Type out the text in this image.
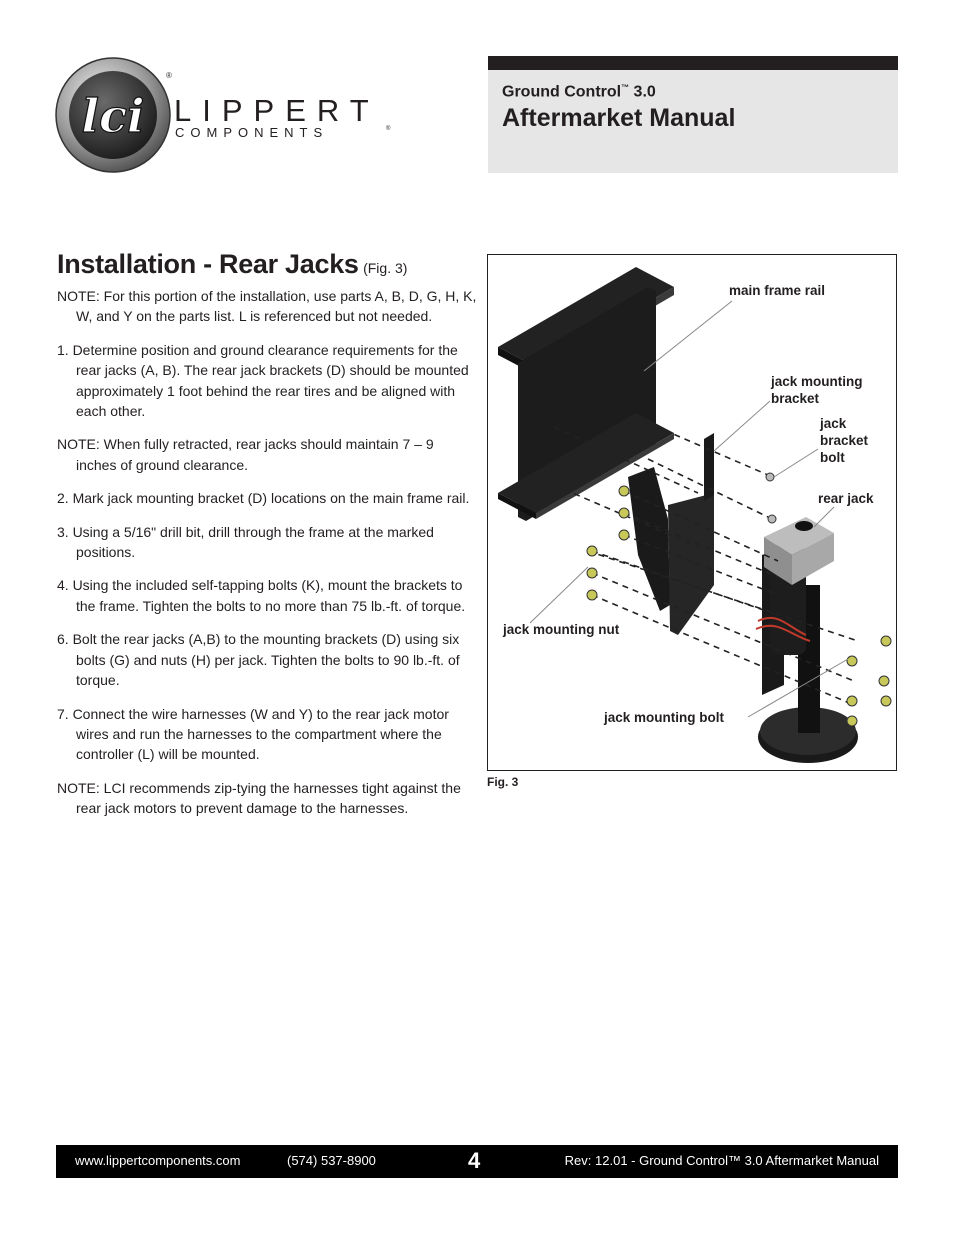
lci
®
LIPPERT
COMPONENTS	®
Ground Control™ 3.0
Aftermarket Manual
Installation - Rear Jacks (Fig. 3)

NOTE: For this portion of the installation, use parts A, B, D, G, H, K, W, and Y on the parts list. L is referenced but not needed.

1. Determine position and ground clearance requirements for the rear jacks (A, B). The rear jack brackets (D) should be mounted approximately 1 foot behind the rear tires and be aligned with each other.

NOTE: When fully retracted, rear jacks should maintain 7 – 9 inches of ground clearance.

2. Mark jack mounting bracket (D) locations on the main frame rail.

3. Using a 5/16" drill bit, drill through the frame at the marked positions.

4. Using the included self-tapping bolts (K), mount the brackets to the frame. Tighten the bolts to no more than 75 lb.-ft. of torque.

6. Bolt the rear jacks (A,B) to the mounting brackets (D) using six bolts (G) and nuts (H) per jack. Tighten the bolts to 90 lb.-ft. of torque.

7. Connect the wire harnesses (W and Y) to the rear jack motor wires and run the harnesses to the compartment where the controller (L) will be mounted.

NOTE: LCI recommends zip-tying the harnesses tight against the rear jack motors to prevent damage to the harnesses.

main frame rail
jack mounting
bracket
jack
bracket
bolt
rear jack
jack mounting nut
jack mounting bolt
Fig. 3
www.lippertcomponents.com	(574) 537-8900	4	Rev: 12.01 - Ground Control™ 3.0 Aftermarket Manual
